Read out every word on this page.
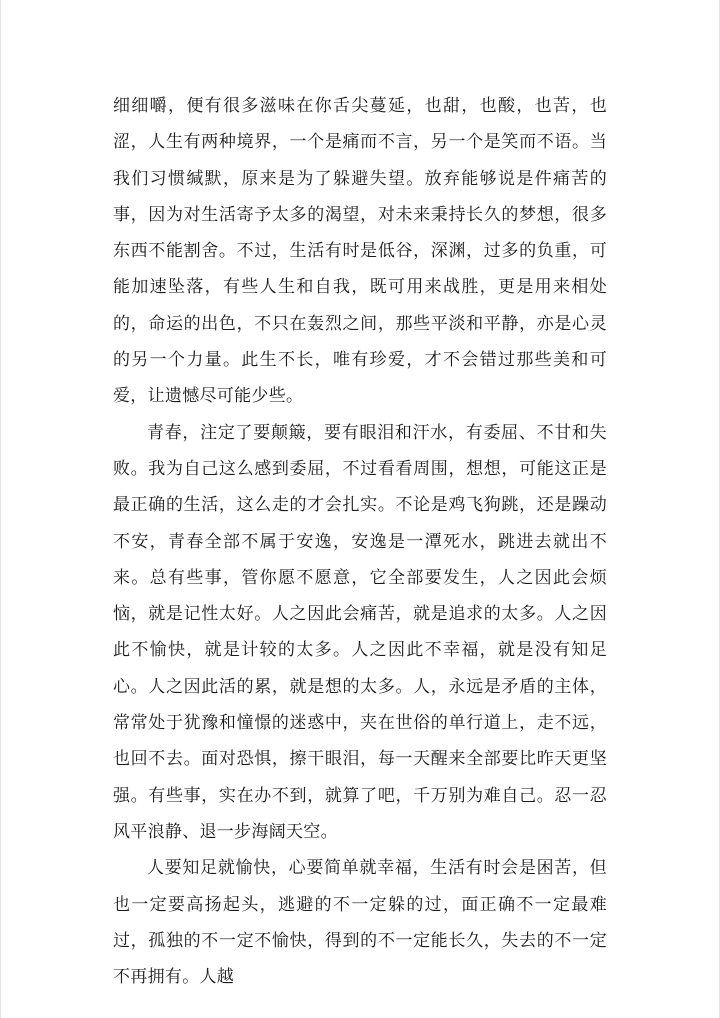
细细嚼，便有很多滋味在你舌尖蔓延，也甜，也酸，也苦，也涩，人生有两种境界，一个是痛而不言，另一个是笑而不语。当我们习惯缄默，原来是为了躲避失望。放弃能够说是件痛苦的事，因为对生活寄予太多的渴望，对未来秉持长久的梦想，很多东西不能割舍。不过，生活有时是低谷，深渊，过多的负重，可能加速坠落，有些人生和自我，既可用来战胜，更是用来相处的，命运的出色，不只在轰烈之间，那些平淡和平静，亦是心灵的另一个力量。此生不长，唯有珍爱，才不会错过那些美和可爱，让遗憾尽可能少些。

青春，注定了要颠簸，要有眼泪和汗水，有委屈、不甘和失败。我为自己这么感到委屈，不过看看周围，想想，可能这正是最正确的生活，这么走的才会扎实。不论是鸡飞狗跳，还是躁动不安，青春全部不属于安逸，安逸是一潭死水，跳进去就出不来。总有些事，管你愿不愿意，它全部要发生，人之因此会烦恼，就是记性太好。人之因此会痛苦，就是追求的太多。人之因此不愉快，就是计较的太多。人之因此不幸福，就是没有知足心。人之因此活的累，就是想的太多。人，永远是矛盾的主体，常常处于犹豫和憧憬的迷惑中，夹在世俗的单行道上，走不远，也回不去。面对恐惧，擦干眼泪，每一天醒来全部要比昨天更坚强。有些事，实在办不到，就算了吧，千万别为难自己。忍一忍风平浪静、退一步海阔天空。

人要知足就愉快，心要简单就幸福，生活有时会是困苦，但也一定要高扬起头，逃避的不一定躲的过，面正确不一定最难过，孤独的不一定不愉快，得到的不一定能长久，失去的不一定不再拥有。人越
